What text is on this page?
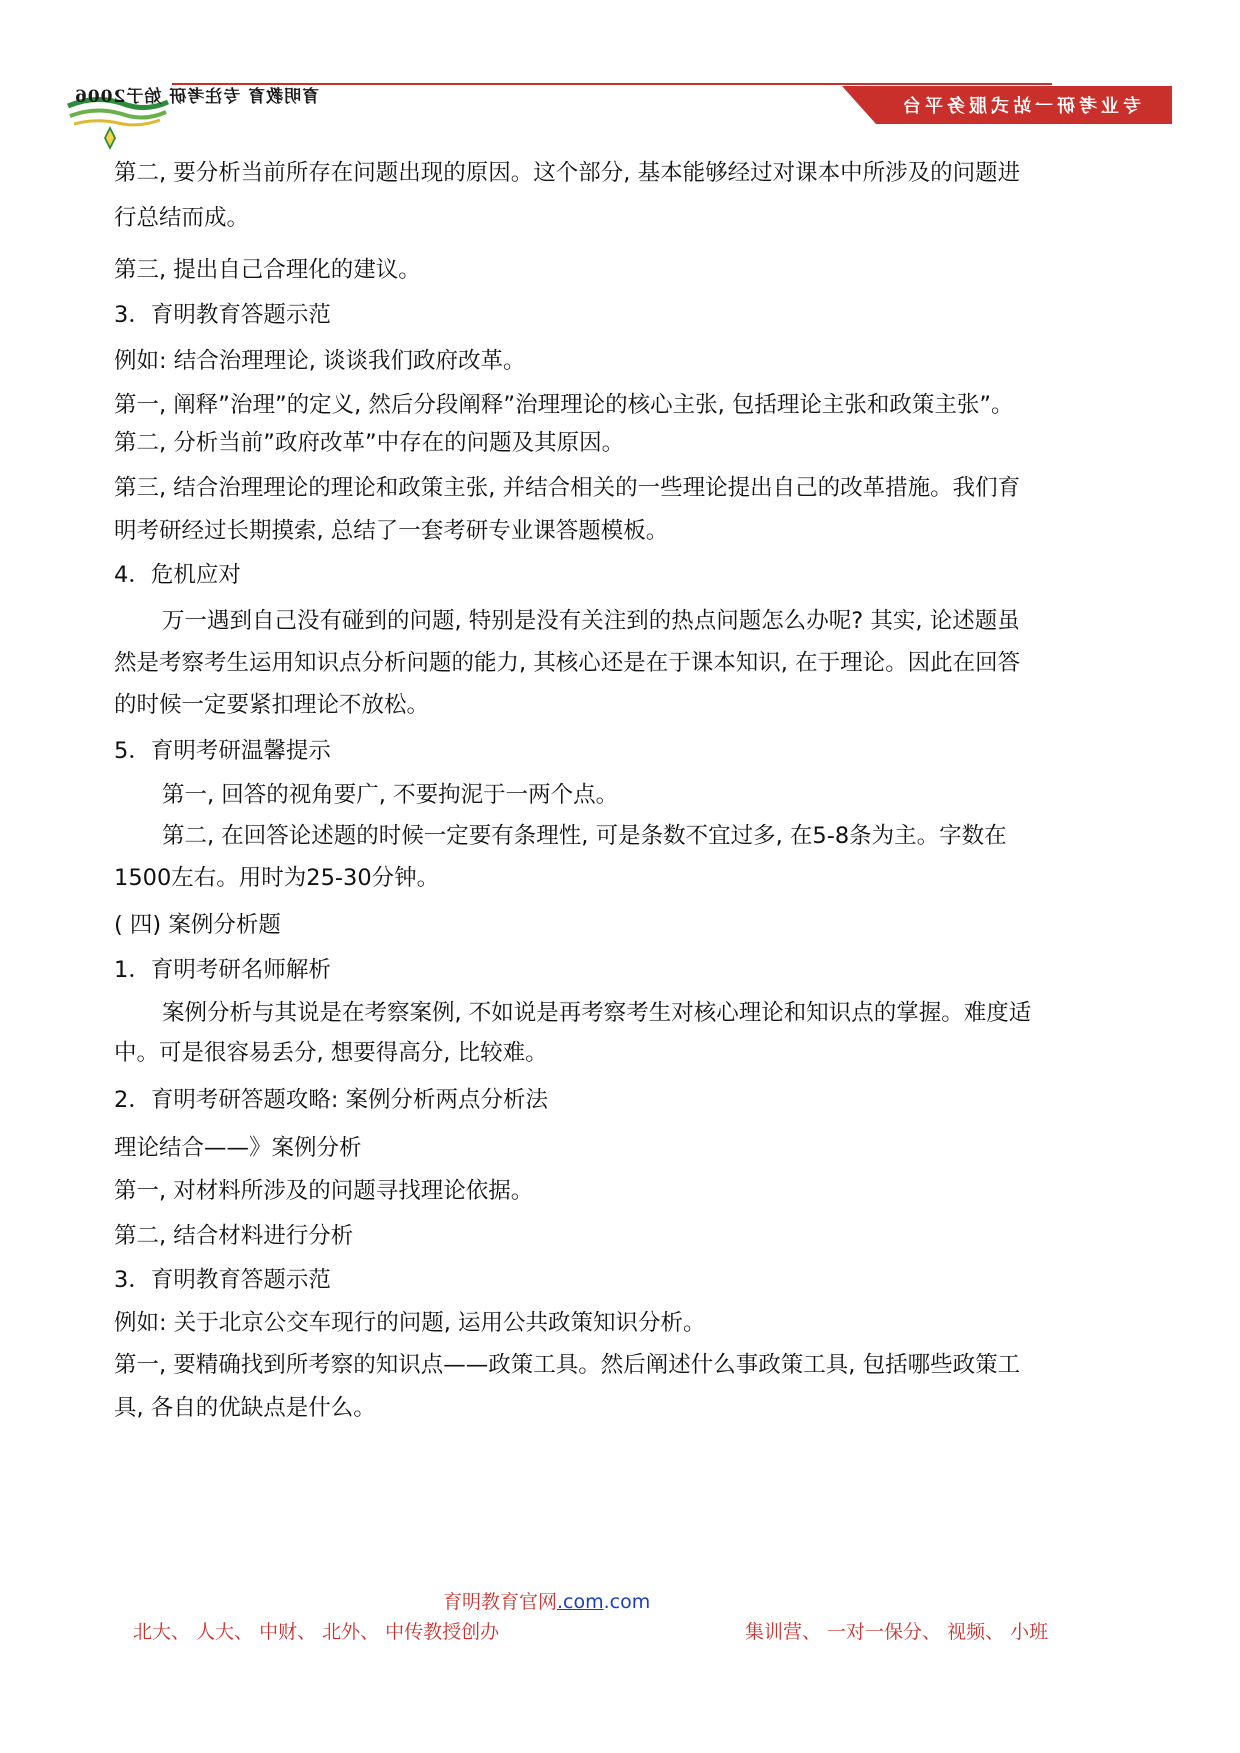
育明教育 专注考研 始于2006	专业考研一站式服务平台
第二, 要分析当前所存在问题出现的原因。这个部分, 基本能够经过对课本中所涉及的问题进
行总结而成。
第三, 提出自己合理化的建议。
3．育明教育答题示范
例如: 结合治理理论, 谈谈我们政府改革。
第一, 阐释”治理”的定义, 然后分段阐释”治理理论的核心主张, 包括理论主张和政策主张”。
第二, 分析当前”政府改革”中存在的问题及其原因。
第三, 结合治理理论的理论和政策主张, 并结合相关的一些理论提出自己的改革措施。我们育
明考研经过长期摸索, 总结了一套考研专业课答题模板。
4．危机应对
万一遇到自己没有碰到的问题, 特别是没有关注到的热点问题怎么办呢? 其实, 论述题虽
然是考察考生运用知识点分析问题的能力, 其核心还是在于课本知识, 在于理论。因此在回答
的时候一定要紧扣理论不放松。
5．育明考研温馨提示
第一, 回答的视角要广, 不要拘泥于一两个点。
第二, 在回答论述题的时候一定要有条理性, 可是条数不宜过多, 在5-8条为主。字数在
1500左右。用时为25-30分钟。
( 四) 案例分析题
1．育明考研名师解析
案例分析与其说是在考察案例, 不如说是再考察考生对核心理论和知识点的掌握。难度适
中。可是很容易丢分, 想要得高分, 比较难。
2．育明考研答题攻略: 案例分析两点分析法
理论结合——》案例分析
第一, 对材料所涉及的问题寻找理论依据。
第二, 结合材料进行分析
3．育明教育答题示范
例如: 关于北京公交车现行的问题, 运用公共政策知识分析。
第一, 要精确找到所考察的知识点——政策工具。然后阐述什么事政策工具, 包括哪些政策工
具, 各自的优缺点是什么。
育明教育官网.com.com
北大、 人大、 中财、 北外、 中传教授创办	集训营、 一对一保分、 视频、 小班
